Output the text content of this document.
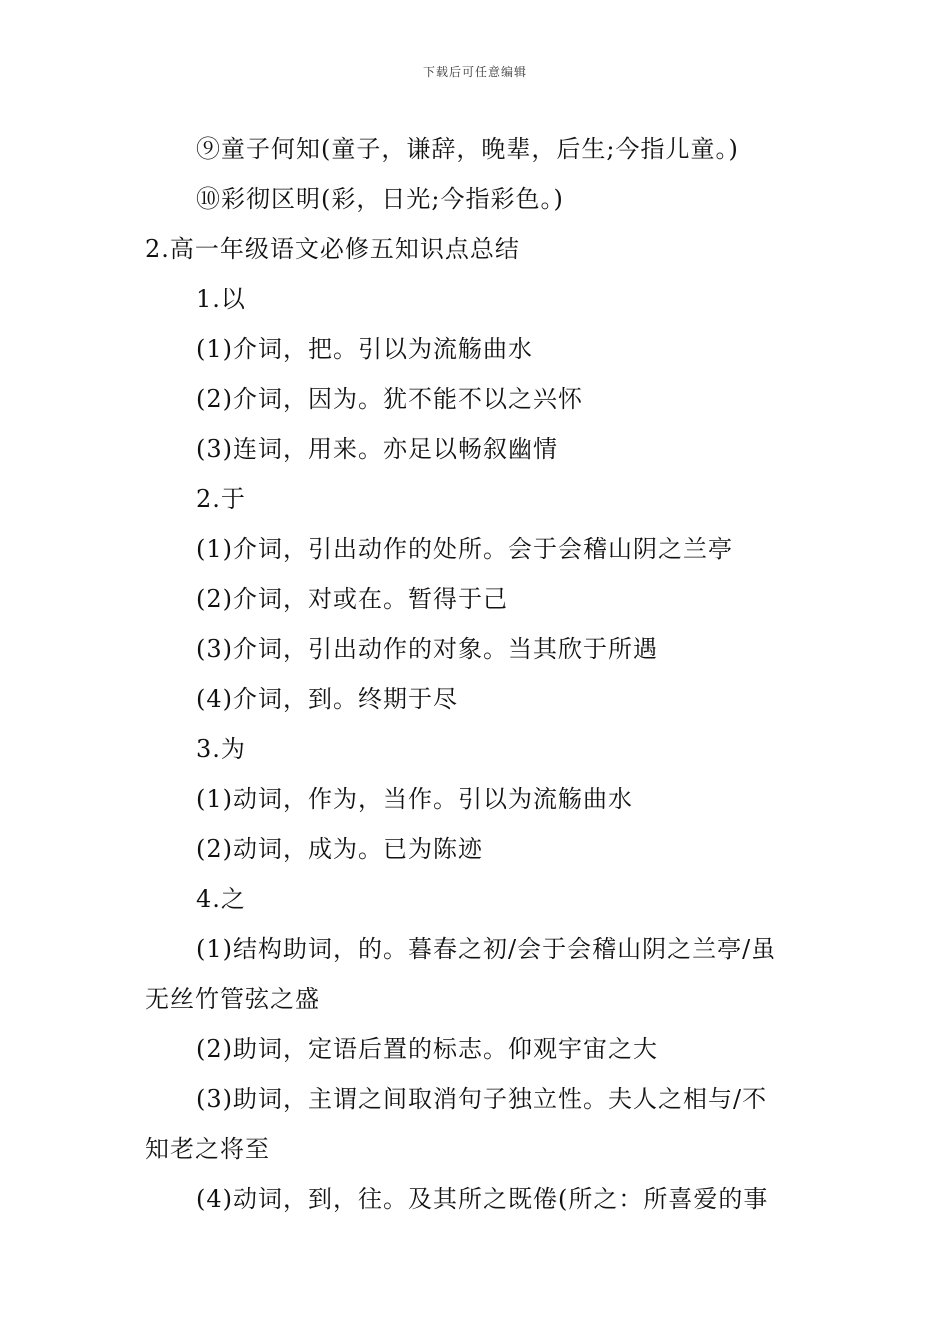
下载后可任意编辑
⑨童子何知(童子，谦辞，晚辈，后生;今指儿童。)
⑩彩彻区明(彩，日光;今指彩色。)
2.高一年级语文必修五知识点总结
1.以
(1)介词，把。引以为流觞曲水
(2)介词，因为。犹不能不以之兴怀
(3)连词，用来。亦足以畅叙幽情
2.于
(1)介词，引出动作的处所。会于会稽山阴之兰亭
(2)介词，对或在。暂得于己
(3)介词，引出动作的对象。当其欣于所遇
(4)介词，到。终期于尽
3.为
(1)动词，作为，当作。引以为流觞曲水
(2)动词，成为。已为陈迹
4.之
(1)结构助词，的。暮春之初/会于会稽山阴之兰亭/虽
无丝竹管弦之盛
(2)助词，定语后置的标志。仰观宇宙之大
(3)助词，主谓之间取消句子独立性。夫人之相与/不
知老之将至
(4)动词，到，往。及其所之既倦(所之：所喜爱的事
